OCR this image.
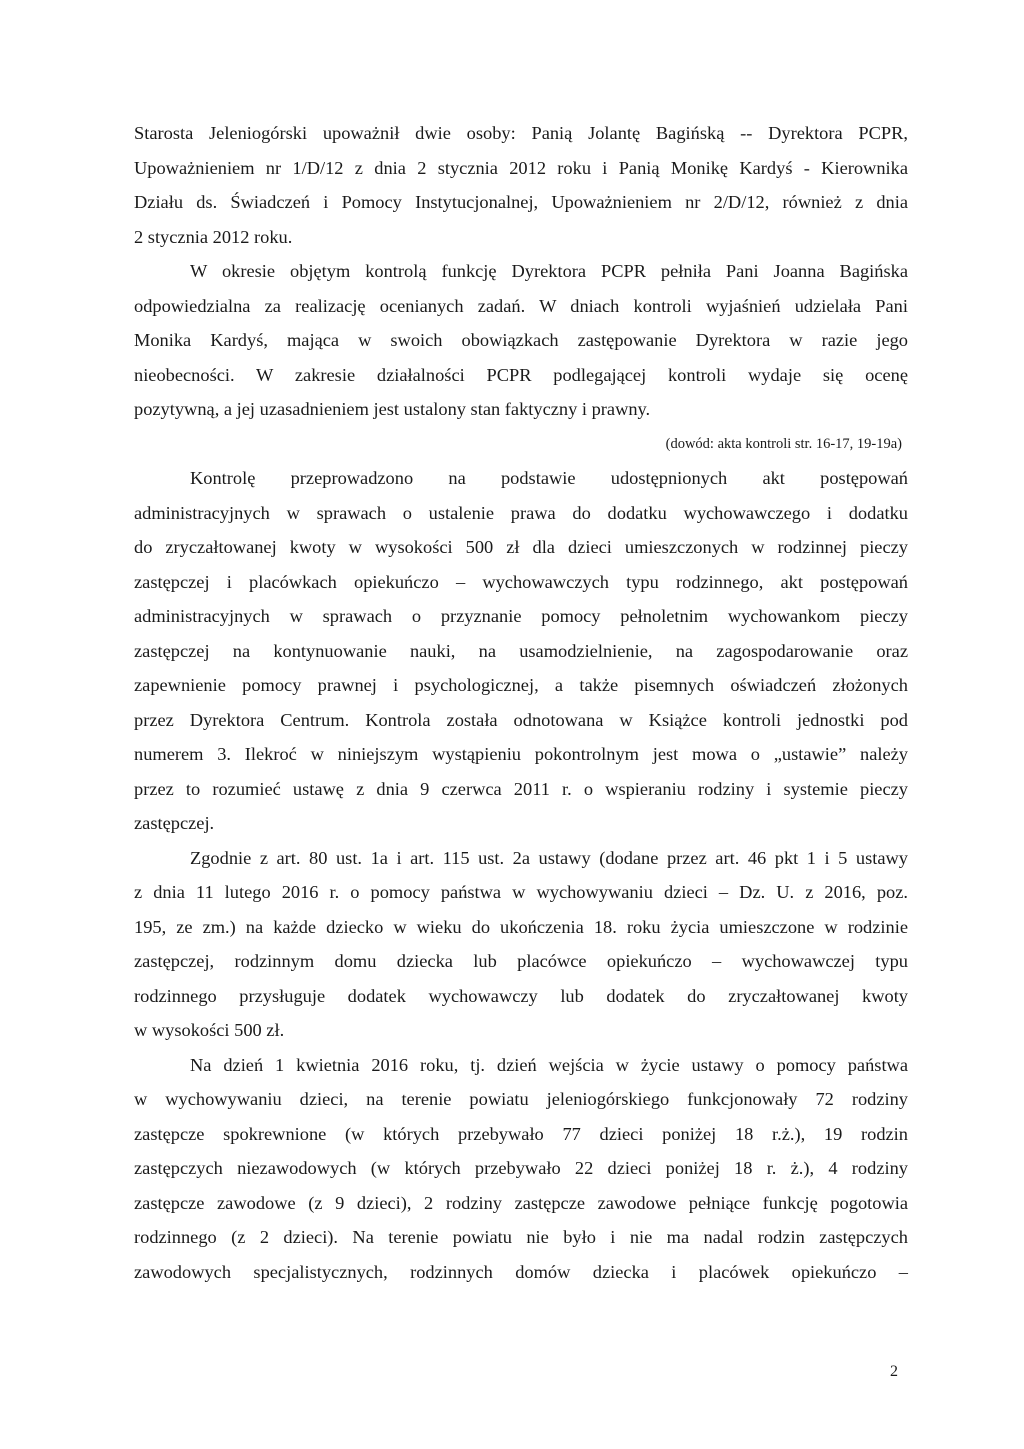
Starosta Jeleniogórski upoważnił dwie osoby: Panią Jolantę Bagińską -- Dyrektora PCPR,
Upoważnieniem nr 1/D/12 z dnia 2 stycznia 2012 roku i Panią Monikę Kardyś - Kierownika
Działu ds. Świadczeń i Pomocy Instytucjonalnej, Upoważnieniem nr 2/D/12, również z dnia
2 stycznia 2012 roku.
W okresie objętym kontrolą funkcję Dyrektora PCPR pełniła Pani Joanna Bagińska
odpowiedzialna za realizację ocenianych zadań. W dniach kontroli wyjaśnień udzielała Pani
Monika Kardyś, mająca w swoich obowiązkach zastępowanie Dyrektora w razie jego
nieobecności. W zakresie działalności PCPR podlegającej kontroli wydaje się ocenę
pozytywną, a jej uzasadnieniem jest ustalony stan faktyczny i prawny.
(dowód: akta kontroli str. 16-17, 19-19a)
Kontrolę przeprowadzono na podstawie udostępnionych akt postępowań
administracyjnych w sprawach o ustalenie prawa do dodatku wychowawczego i dodatku
do zryczałtowanej kwoty w wysokości 500 zł dla dzieci umieszczonych w rodzinnej pieczy
zastępczej i placówkach opiekuńczo – wychowawczych typu rodzinnego, akt postępowań
administracyjnych w sprawach o przyznanie pomocy pełnoletnim wychowankom pieczy
zastępczej na kontynuowanie nauki, na usamodzielnienie, na zagospodarowanie oraz
zapewnienie pomocy prawnej i psychologicznej, a także pisemnych oświadczeń złożonych
przez Dyrektora Centrum. Kontrola została odnotowana w Książce kontroli jednostki pod
numerem 3. Ilekroć w niniejszym wystąpieniu pokontrolnym jest mowa o „ustawie” należy
przez to rozumieć ustawę z dnia 9 czerwca 2011 r. o wspieraniu rodziny i systemie pieczy
zastępczej.
Zgodnie z art. 80 ust. 1a i art. 115 ust. 2a ustawy (dodane przez art. 46 pkt 1 i 5 ustawy
z dnia 11 lutego 2016 r. o pomocy państwa w wychowywaniu dzieci – Dz. U. z 2016, poz.
195, ze zm.) na każde dziecko w wieku do ukończenia 18. roku życia umieszczone w rodzinie
zastępczej, rodzinnym domu dziecka lub placówce opiekuńczo – wychowawczej typu
rodzinnego przysługuje dodatek wychowawczy lub dodatek do zryczałtowanej kwoty
w wysokości 500 zł.
Na dzień 1 kwietnia 2016 roku, tj. dzień wejścia w życie ustawy o pomocy państwa
w wychowywaniu dzieci, na terenie powiatu jeleniogórskiego funkcjonowały 72 rodziny
zastępcze spokrewnione (w których przebywało 77 dzieci poniżej 18 r.ż.), 19 rodzin
zastępczych niezawodowych (w których przebywało 22 dzieci poniżej 18 r. ż.), 4 rodziny
zastępcze zawodowe (z 9 dzieci), 2 rodziny zastępcze zawodowe pełniące funkcję pogotowia
rodzinnego (z 2 dzieci). Na terenie powiatu nie było i nie ma nadal rodzin zastępczych
zawodowych specjalistycznych, rodzinnych domów dziecka i placówek opiekuńczo –
2
